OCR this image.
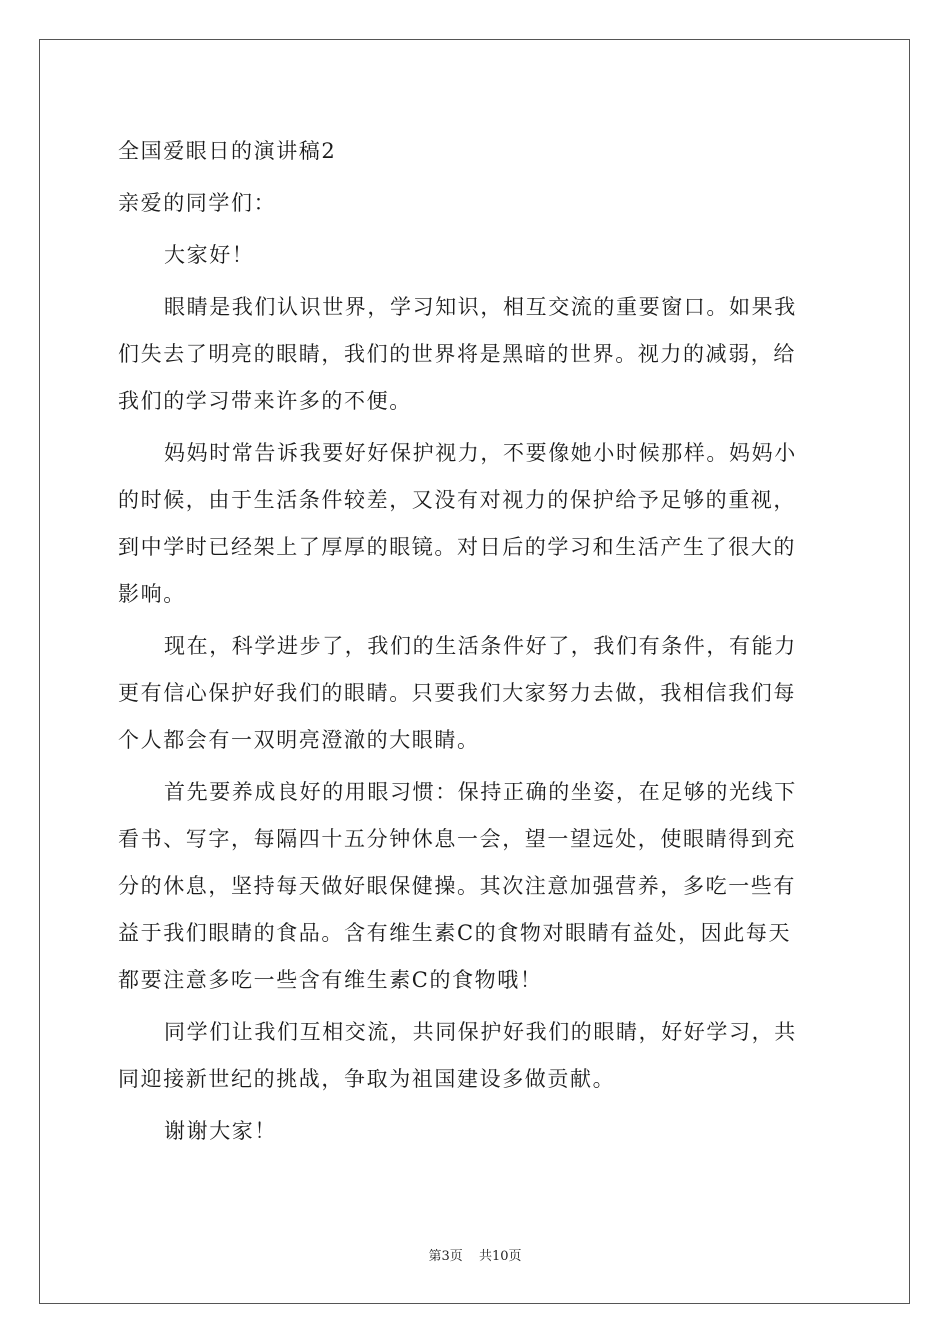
全国爱眼日的演讲稿2
亲爱的同学们：
大家好！
眼睛是我们认识世界，学习知识，相互交流的重要窗口。如果我
们失去了明亮的眼睛，我们的世界将是黑暗的世界。视力的减弱，给
我们的学习带来许多的不便。
妈妈时常告诉我要好好保护视力，不要像她小时候那样。妈妈小
的时候，由于生活条件较差，又没有对视力的保护给予足够的重视，
到中学时已经架上了厚厚的眼镜。对日后的学习和生活产生了很大的
影响。
现在，科学进步了，我们的生活条件好了，我们有条件，有能力
更有信心保护好我们的眼睛。只要我们大家努力去做，我相信我们每
个人都会有一双明亮澄澈的大眼睛。
首先要养成良好的用眼习惯：保持正确的坐姿，在足够的光线下
看书、写字，每隔四十五分钟休息一会，望一望远处，使眼睛得到充
分的休息，坚持每天做好眼保健操。其次注意加强营养，多吃一些有
益于我们眼睛的食品。含有维生素C的食物对眼睛有益处，因此每天
都要注意多吃一些含有维生素C的食物哦！
同学们让我们互相交流，共同保护好我们的眼睛，好好学习，共
同迎接新世纪的挑战，争取为祖国建设多做贡献。
谢谢大家！
第3页 共10页
